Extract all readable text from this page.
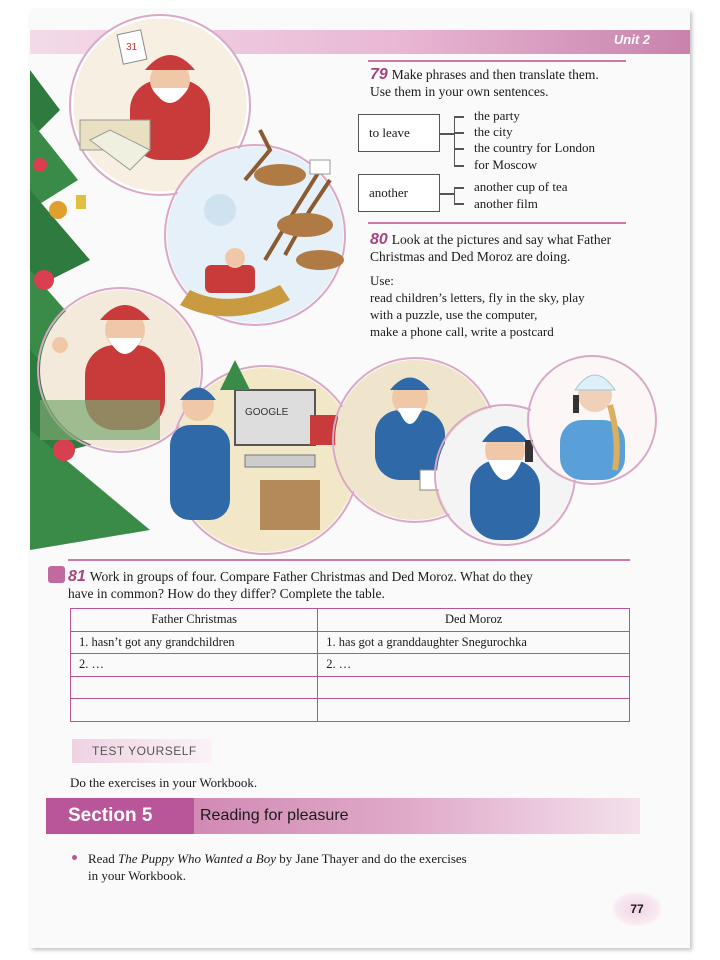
Unit 2
31
GOOGLE
79 Make phrases and then translate them.
Use them in your own sentences.
to leave
the party
the city
the country for London
for Moscow
another	another cup of tea
another film
80 Look at the pictures and say what Father
Christmas and Ded Moroz are doing.
Use:
read children’s letters, fly in the sky, play
with a puzzle, use the computer,
make a phone call, write a postcard
81 Work in groups of four. Compare Father Christmas and Ded Moroz. What do they
have in common? How do they differ? Complete the table.
Father Christmas	Ded Moroz
1. hasn’t got any grandchildren	1. has got a granddaughter Snegurochka
2. …	2. …

TEST YOURSELF
Do the exercises in your Workbook.
Section 5	Reading for pleasure
Read The Puppy Who Wanted a Boy by Jane Thayer and do the exercises
in your Workbook.
77
